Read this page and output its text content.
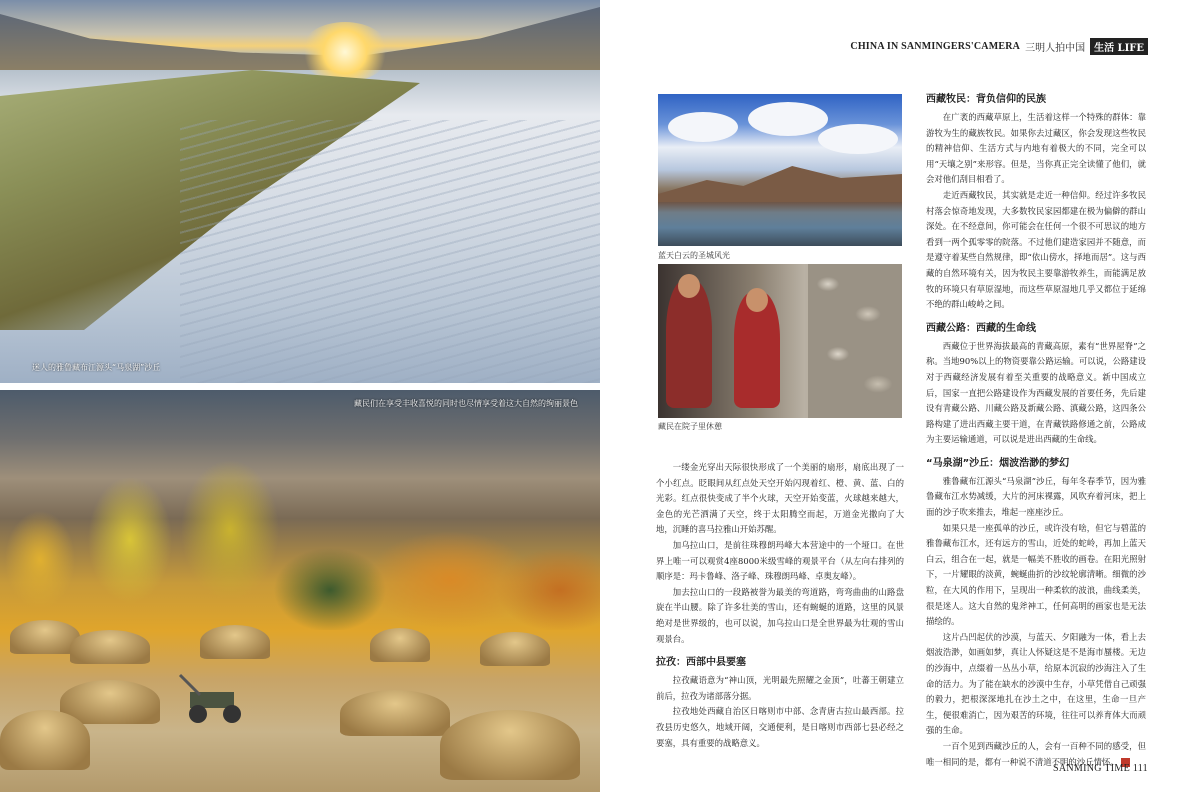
迷人的雅鲁藏布江源头“马泉湖”沙丘
藏民们在享受丰收喜悦的同时也尽情享受着这大自然的绚丽景色
CHINA IN SANMINGERS'CAMERA 三明人拍中国 生活 LIFE
蓝天白云的圣城风光
藏民在院子里休憩

一缕金光穿出天际很快形成了一个美丽的扇形，扇底出现了一个小红点。眨眼间从红点处天空开始闪现着红、橙、黄、蓝、白的光彩。红点很快变成了半个火球，天空开始变蓝，火球越来越大，金色的光芒洒满了天空，终于太阳腾空而起，万道金光撒向了大地，沉睡的喜马拉雅山开始苏醒。

加乌拉山口，是前往珠穆朗玛峰大本营途中的一个垭口。在世界上唯一可以观赏4座8000米级雪峰的观景平台（从左向右排列的顺序是：玛卡鲁峰、洛子峰、珠穆朗玛峰、卓奥友峰）。

加去拉山口的一段路被誉为最美的弯道路，弯弯曲曲的山路盘旋在半山腰。除了许多壮美的雪山，还有蜿蜒的道路，这里的风景绝对是世界级的，也可以说，加乌拉山口是全世界最为壮观的雪山观景台。

拉孜：西部中县要塞

拉孜藏语意为“神山顶，光明最先照耀之金顶”，吐蕃王朝建立前后，拉孜为诸部落分据。

拉孜地处西藏自治区日喀则市中部、念青唐古拉山最西部。拉孜县历史悠久，地域开阔，交通便利，是日喀则市西部七县必经之要塞，具有重要的战略意义。

西藏牧民：背负信仰的民族

在广袤的西藏草原上，生活着这样一个特殊的群体：靠游牧为生的藏族牧民。如果你去过藏区，你会发现这些牧民的精神信仰、生活方式与内地有着极大的不同，完全可以用“天壤之别”来形容。但是，当你真正完全读懂了他们，就会对他们刮目相看了。

走近西藏牧民，其实就是走近一种信仰。经过许多牧民村落会惊奇地发现，大多数牧民家园都建在极为偏僻的群山深处。在不经意间，你可能会在任何一个很不可思议的地方看到一两个孤零零的院落。不过他们建造家园并不随意，而是遵守着某些自然规律，即“依山傍水，择地而居”。这与西藏的自然环境有关，因为牧民主要靠游牧养生，而能满足放牧的环境只有草原湿地，而这些草原湿地几乎又都位于延绵不绝的群山峻岭之间。

西藏公路：西藏的生命线

西藏位于世界海拔最高的青藏高原，素有“世界屋脊”之称。当地90%以上的物资要靠公路运输。可以说，公路建设对于西藏经济发展有着至关重要的战略意义。新中国成立后，国家一直把公路建设作为西藏发展的首要任务，先后建设有青藏公路、川藏公路及新藏公路、滇藏公路，这四条公路构建了进出西藏主要干道，在青藏铁路修通之前，公路成为主要运输通道，可以说是进出西藏的生命线。

“马泉湖”沙丘：烟波浩渺的梦幻

雅鲁藏布江源头“马泉湖”沙丘，每年冬春季节，因为雅鲁藏布江水势减缓，大片的河床裸露，风吹弃着河床，把上面的沙子吹来推去，堆起一座座沙丘。

如果只是一座孤单的沙丘，或许没有啥，但它与碧蓝的雅鲁藏布江水，还有远方的雪山，近处的蛇岭，再加上蓝天白云，组合在一起，就是一幅美不胜收的画卷。在阳光照射下，一片耀眼的淡黄，蜿蜒曲折的沙纹轮廓清晰。细微的沙粒，在大风的作用下，呈现出一种柔软的波浪，曲线柔美，很是迷人。这大自然的鬼斧神工，任何高明的画家也是无法描绘的。

这片凸凹起伏的沙漠，与蓝天、夕阳融为一体，看上去烟波浩渺，如画如梦，真让人怀疑这是不是海市蜃楼。无边的沙海中，点缀着一丛丛小草，给原本沉寂的沙海注入了生命的活力。为了能在缺水的沙漠中生存，小草凭借自己顽强的毅力，把根深深地扎在沙土之中，在这里，生命一旦产生，便很难消亡，因为艰苦的环境，往往可以养育体大而顽强的生命。

一百个见到西藏沙丘的人，会有一百种不同的感受，但唯一相同的是，都有一种说不清道不明的沙丘情怀。

SANMING TIME 111
